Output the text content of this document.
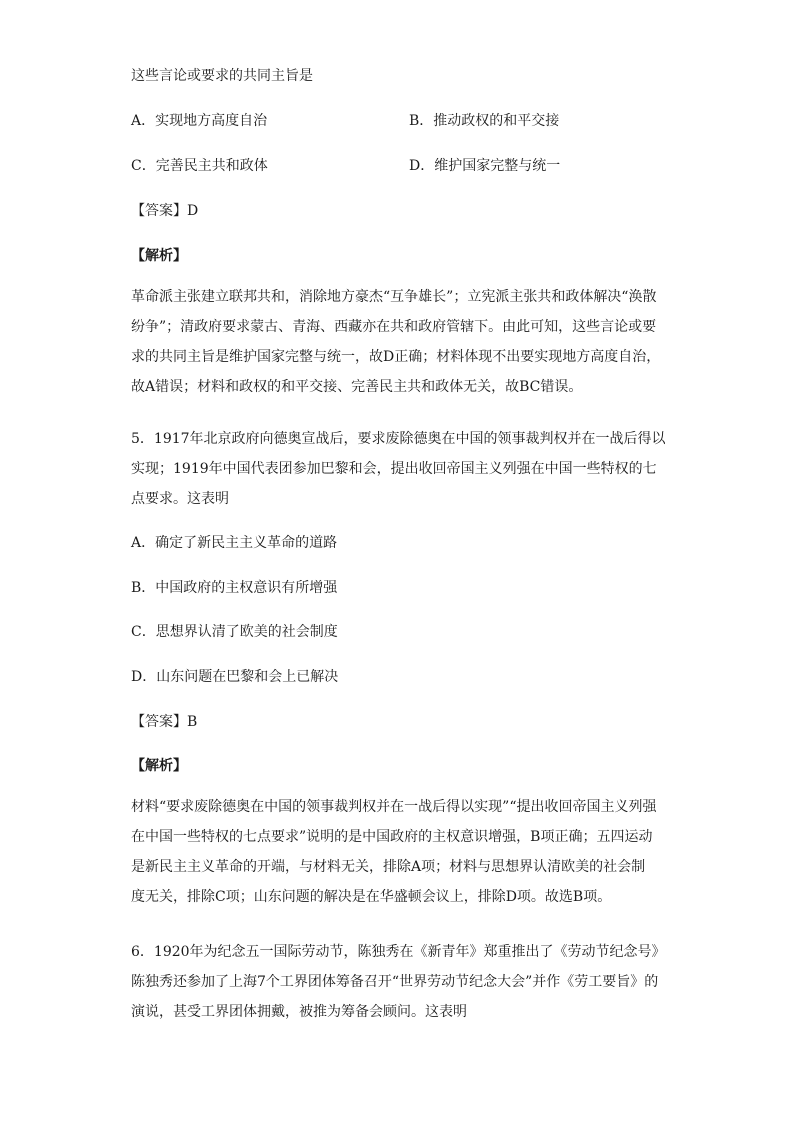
这些言论或要求的共同主旨是
A．实现地方高度自治	B．推动政权的和平交接
C．完善民主共和政体	D．维护国家完整与统一
【答案】D
【解析】
革命派主张建立联邦共和，消除地方豪杰“互争雄长”；立宪派主张共和政体解决“涣散
纷争”；清政府要求蒙古、青海、西藏亦在共和政府管辖下。由此可知，这些言论或要
求的共同主旨是维护国家完整与统一，故D正确；材料体现不出要实现地方高度自治，
故A错误；材料和政权的和平交接、完善民主共和政体无关，故BC错误。
5．1917年北京政府向德奥宣战后，要求废除德奥在中国的领事裁判权并在一战后得以
实现；1919年中国代表团参加巴黎和会，提出收回帝国主义列强在中国一些特权的七
点要求。这表明
A．确定了新民主主义革命的道路
B．中国政府的主权意识有所增强
C．思想界认清了欧美的社会制度
D．山东问题在巴黎和会上已解决
【答案】B
【解析】
材料“要求废除德奥在中国的领事裁判权并在一战后得以实现”“提出收回帝国主义列强
在中国一些特权的七点要求”说明的是中国政府的主权意识增强，B项正确；五四运动
是新民主主义革命的开端，与材料无关，排除A项；材料与思想界认清欧美的社会制
度无关，排除C项；山东问题的解决是在华盛顿会议上，排除D项。故选B项。
6．1920年为纪念五一国际劳动节，陈独秀在《新青年》郑重推出了《劳动节纪念号》
陈独秀还参加了上海7个工界团体筹备召开“世界劳动节纪念大会”并作《劳工要旨》的
演说，甚受工界团体拥戴，被推为筹备会顾问。这表明
